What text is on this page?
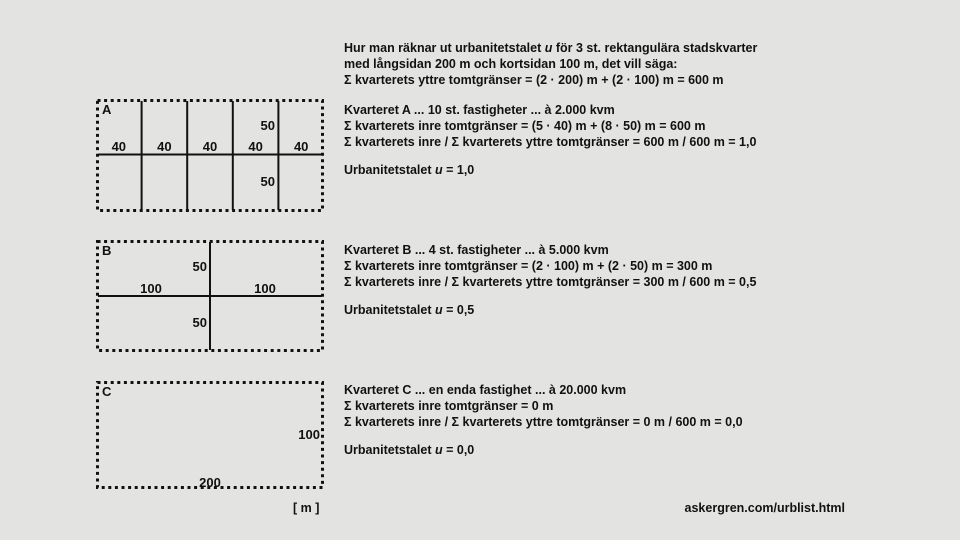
Hur man räknar ut urbanitetstalet u för 3 st. rektangulära stadskvarter
med långsidan 200 m och kortsidan 100 m, det vill säga:
Σ kvarterets yttre tomtgränser = (2 · 200) m + (2 · 100) m = 600 m
A
40	40	40	40	40
50
50
Kvarteret A ... 10 st. fastigheter ... à 2.000 kvm
Σ kvarterets inre tomtgränser = (5 · 40) m + (8 · 50) m = 600 m
Σ kvarterets inre / Σ kvarterets yttre tomtgränser = 600 m / 600 m = 1,0
Urbanitetstalet u = 1,0
B
50
50
100	100
Kvarteret B ... 4 st. fastigheter ... à 5.000 kvm
Σ kvarterets inre tomtgränser = (2 · 100) m + (2 · 50) m = 300 m
Σ kvarterets inre / Σ kvarterets yttre tomtgränser = 300 m / 600 m = 0,5
Urbanitetstalet u = 0,5
C
100
200
Kvarteret C ... en enda fastighet ... à 20.000 kvm
Σ kvarterets inre tomtgränser = 0 m
Σ kvarterets inre / Σ kvarterets yttre tomtgränser = 0 m / 600 m = 0,0
Urbanitetstalet u = 0,0
[ m ]	askergren.com/urblist.html
